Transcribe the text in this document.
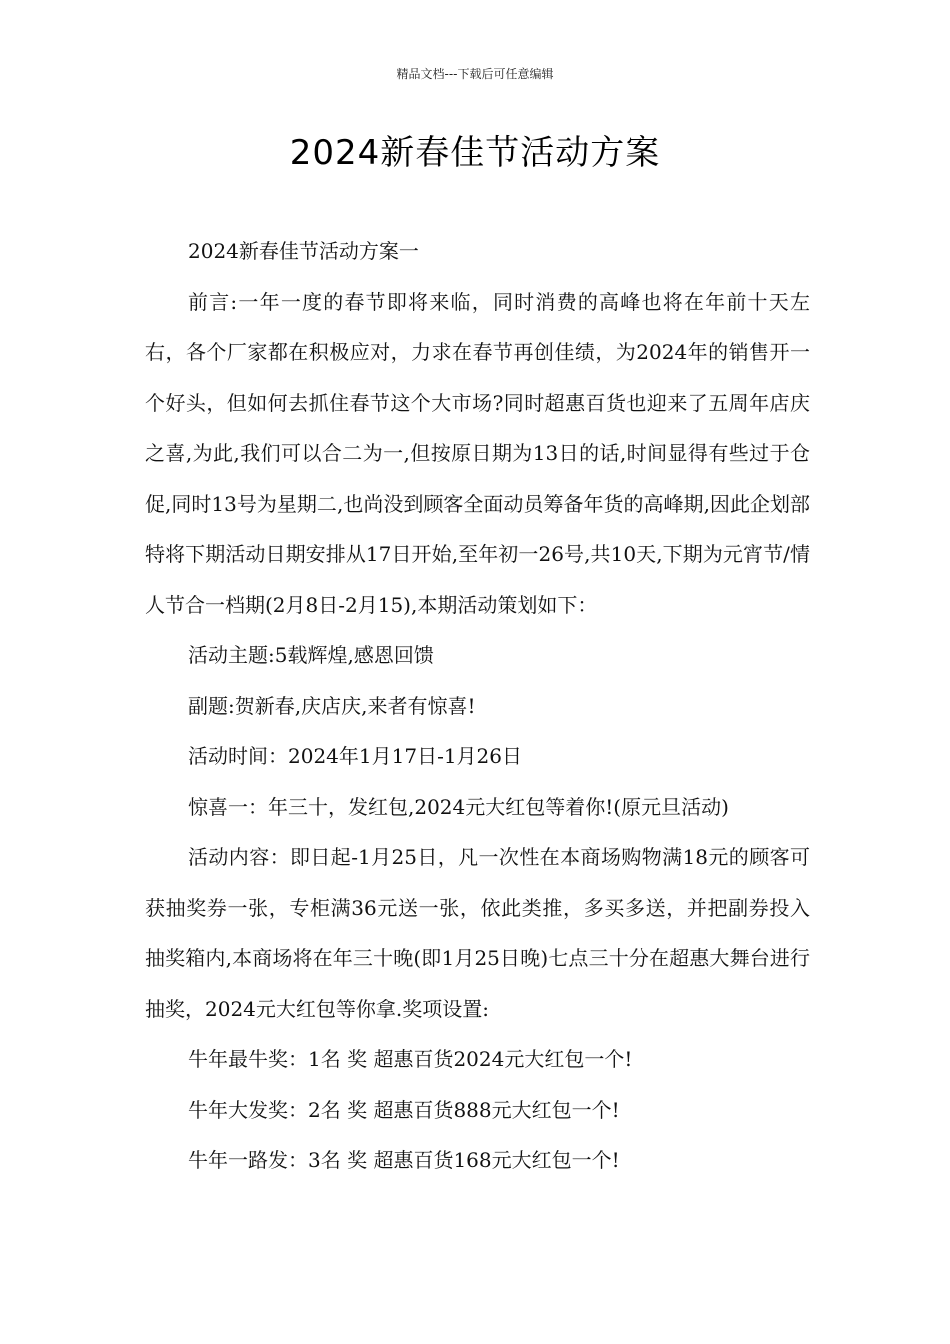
精品文档---下载后可任意编辑
2024新春佳节活动方案

2024新春佳节活动方案一

前言:一年一度的春节即将来临，同时消费的高峰也将在年前十天左右，各个厂家都在积极应对，力求在春节再创佳绩，为2024年的销售开一个好头，但如何去抓住春节这个大市场?同时超惠百货也迎来了五周年店庆之喜,为此,我们可以合二为一,但按原日期为13日的话,时间显得有些过于仓促,同时13号为星期二,也尚没到顾客全面动员筹备年货的高峰期,因此企划部特将下期活动日期安排从17日开始,至年初一26号,共10天,下期为元宵节/情人节合一档期(2月8日-2月15),本期活动策划如下：

活动主题:5载辉煌,感恩回馈

副题:贺新春,庆店庆,来者有惊喜!

活动时间：2024年1月17日-1月26日

惊喜一：年三十，发红包,2024元大红包等着你!(原元旦活动)

活动内容：即日起-1月25日，凡一次性在本商场购物满18元的顾客可获抽奖券一张，专柜满36元送一张，依此类推，多买多送，并把副券投入抽奖箱内,本商场将在年三十晚(即1月25日晚)七点三十分在超惠大舞台进行抽奖，2024元大红包等你拿.奖项设置:

牛年最牛奖：1名 奖 超惠百货2024元大红包一个!

牛年大发奖：2名 奖 超惠百货888元大红包一个!

牛年一路发：3名 奖 超惠百货168元大红包一个!
